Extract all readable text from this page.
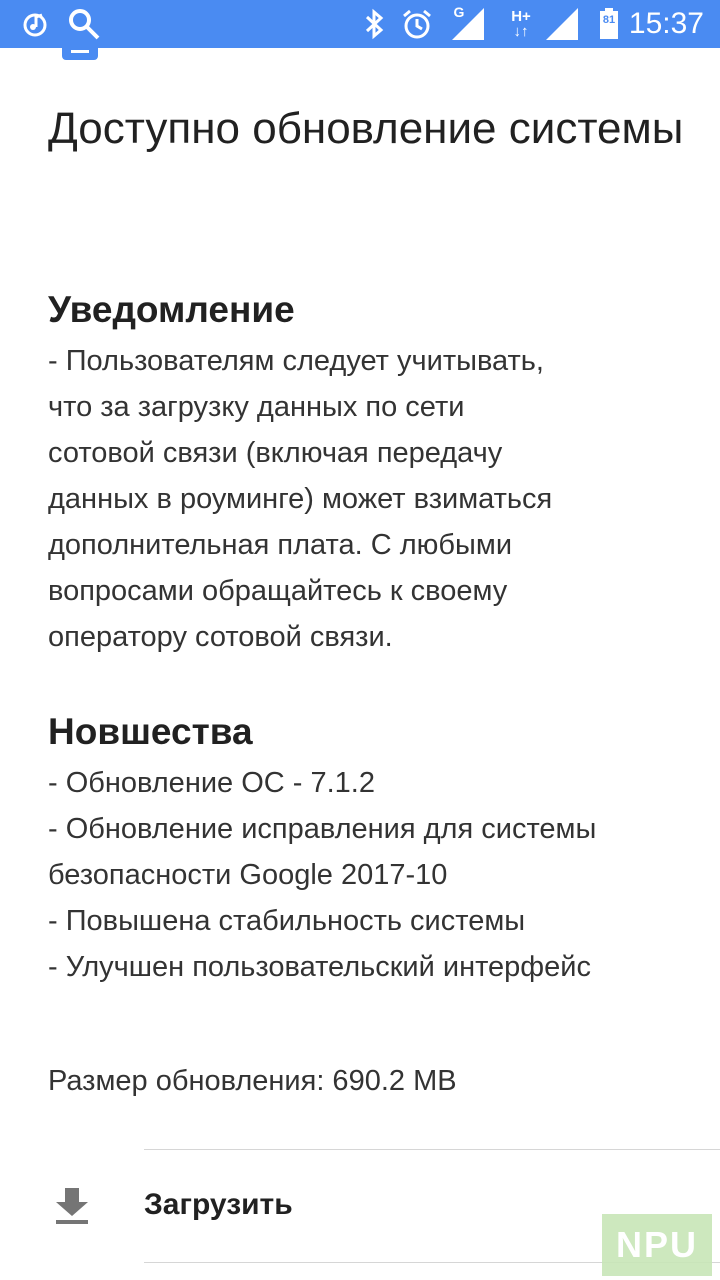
G	H+
↓↑
81 15:37
Доступно обновление системы
Уведомление

- Пользователям следует учитывать,
что за загрузку данных по сети
сотовой связи (включая передачу
данных в роуминге) может взиматься
дополнительная плата. С любыми
вопросами обращайтесь к своему
оператору сотовой связи.

Новшества

- Обновление ОС - 7.1.2
- Обновление исправления для системы
безопасности Google 2017-10
- Повышена стабильность системы
- Улучшен пользовательский интерфейс

Размер обновления: 690.2 MB
Загрузить
NPU
